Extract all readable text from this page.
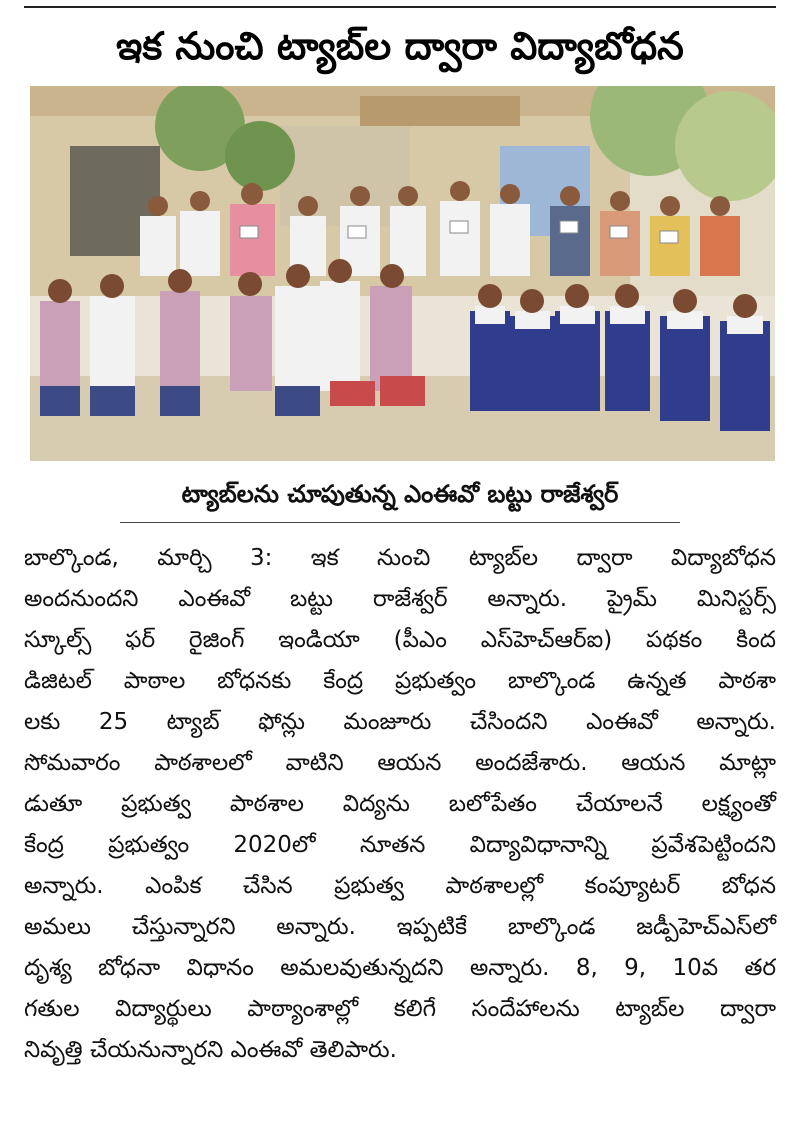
ఇక నుంచి ట్యాబ్‌ల ద్వారా విద్యాబోధన
ట్యాబ్‌లను చూపుతున్న ఎంఈవో బట్టు రాజేశ్వర్
బాల్కొండ, మార్చి 3: ఇక నుంచి ట్యాబ్‌ల ద్వారా విద్యాబోధన
అందనుందని ఎంఈవో బట్టు రాజేశ్వర్ అన్నారు. ప్రైమ్ మినిస్టర్స్
స్కూల్స్ ఫర్ రైజింగ్ ఇండియా (పీఎం ఎస్‌హెచ్‌ఆర్ఐ) పథకం కింద
డిజిటల్ పాఠాల బోధనకు కేంద్ర ప్రభుత్వం బాల్కొండ ఉన్నత పాఠశా
లకు 25 ట్యాబ్ ఫోన్లు మంజూరు చేసిందని ఎంఈవో అన్నారు.
సోమవారం పాఠశాలలో వాటిని ఆయన అందజేశారు. ఆయన మాట్లా
డుతూ ప్రభుత్వ పాఠశాల విద్యను బలోపేతం చేయాలనే లక్ష్యంతో
కేంద్ర ప్రభుత్వం 2020లో నూతన విద్యావిధానాన్ని ప్రవేశపెట్టిందని
అన్నారు. ఎంపిక చేసిన ప్రభుత్వ పాఠశాలల్లో కంప్యూటర్ బోధన
అమలు చేస్తున్నారని అన్నారు. ఇప్పటికే బాల్కొండ జడ్పీహెచ్ఎస్‌లో
దృశ్య బోధనా విధానం అమలవుతున్నదని అన్నారు. 8, 9, 10వ తర
గతుల విద్యార్థులు పాఠ్యాంశాల్లో కలిగే సందేహాలను ట్యాబ్‌ల ద్వారా
నివృత్తి చేయనున్నారని ఎంఈవో తెలిపారు.
